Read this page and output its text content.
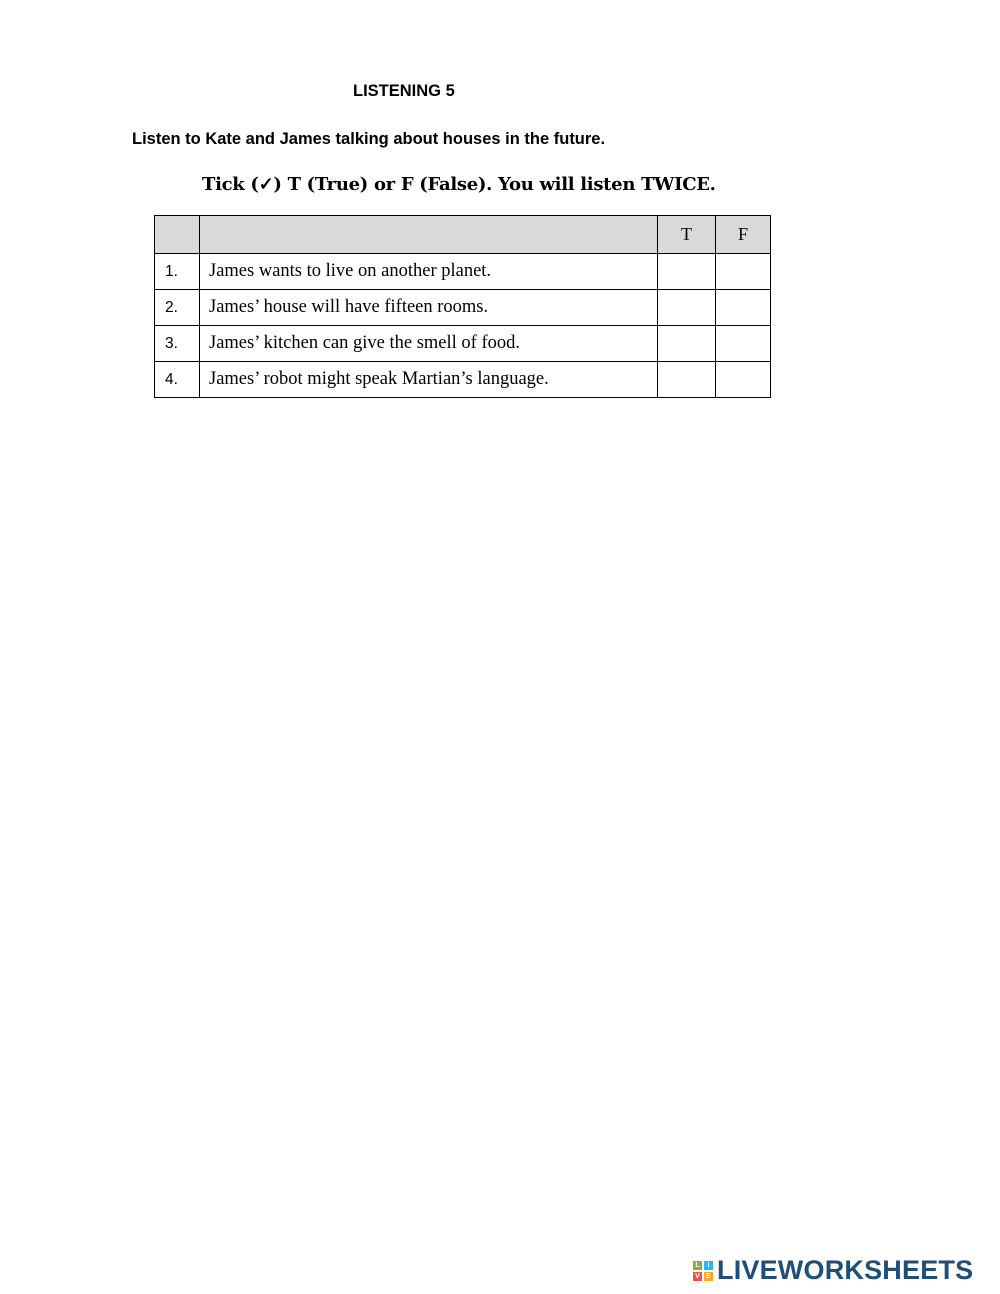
LISTENING 5
Listen to Kate and James talking about houses in the future.
Tick (✓) T (True) or F (False). You will listen TWICE.
		T	F
1.	James wants to live on another planet.		
2.	James’ house will have fifteen rooms.		
3.	James’ kitchen can give the smell of food.		
4.	James’ robot might speak Martian’s language.		
L	I
V E LIVEWORKSHEETS
